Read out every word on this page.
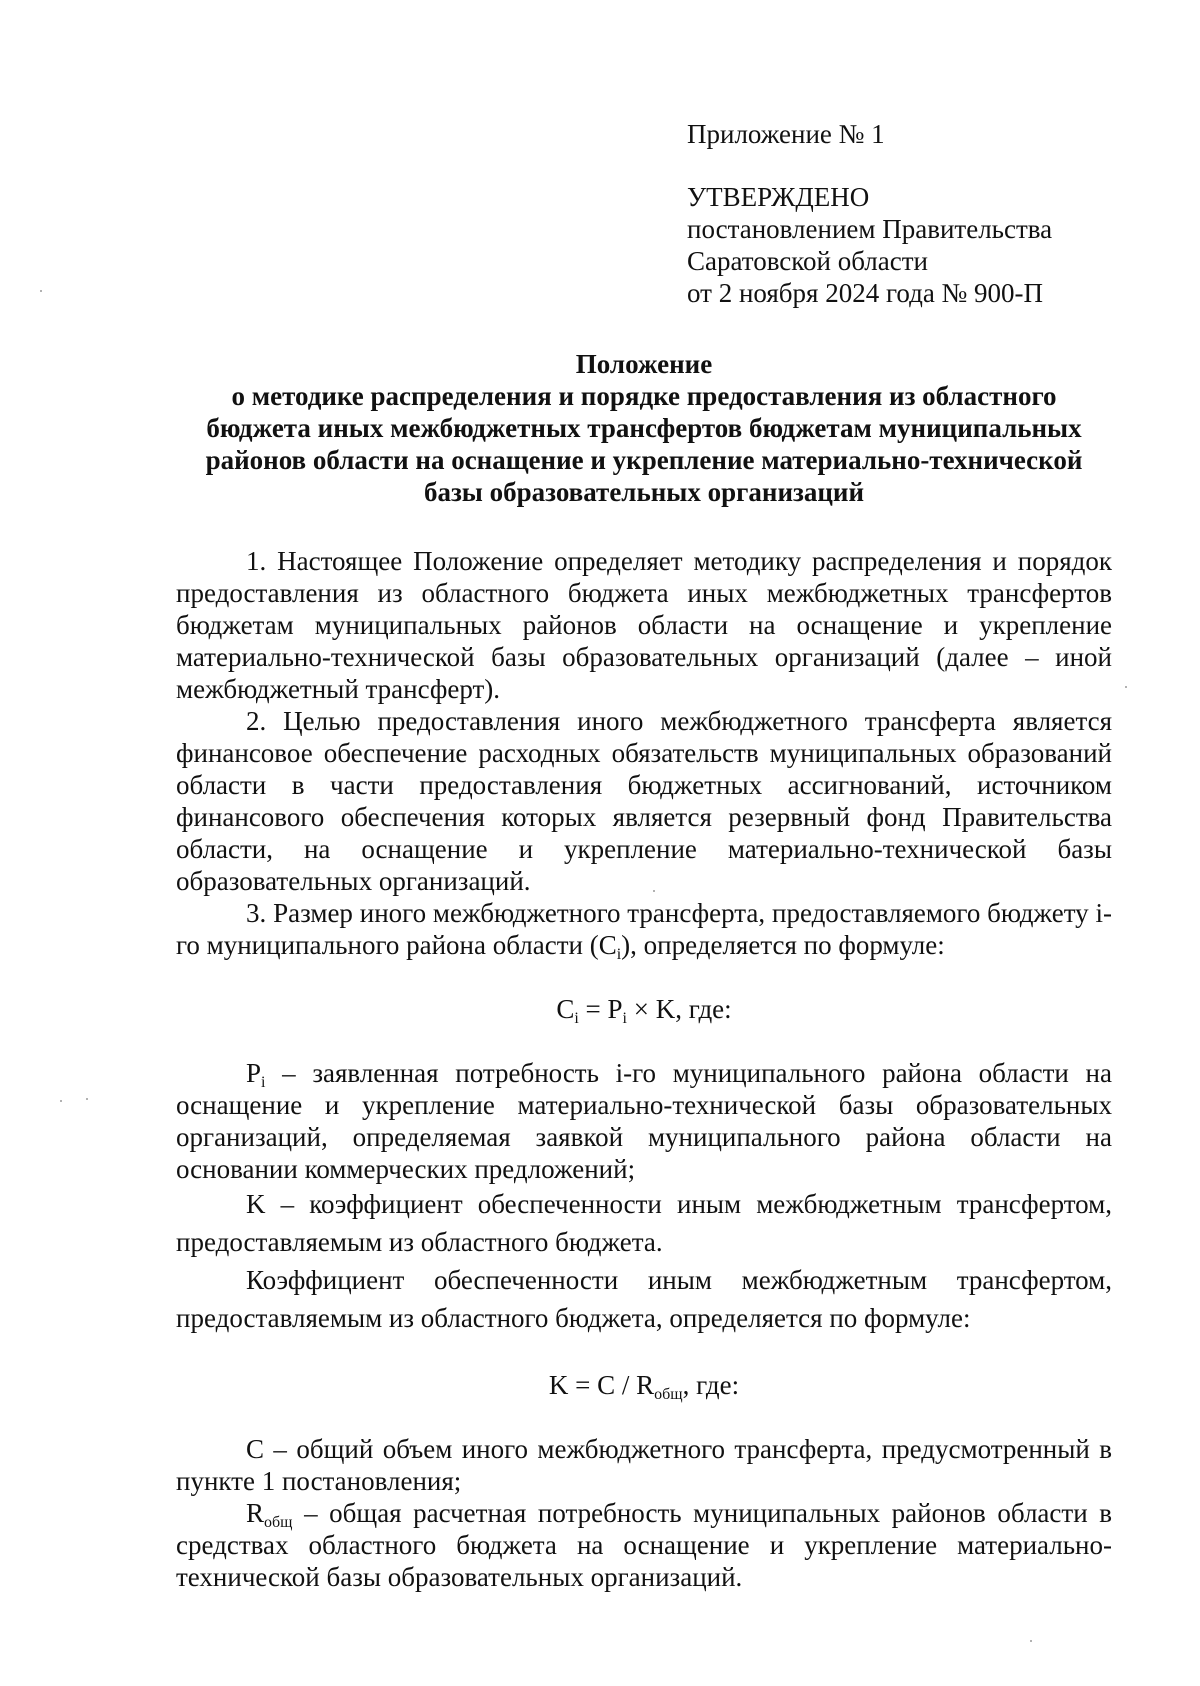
Приложение № 1
УТВЕРЖДЕНО
постановлением Правительства
Саратовской области
от 2 ноября 2024 года № 900-П
Положение
о методике распределения и порядке предоставления из областного
бюджета иных межбюджетных трансфертов бюджетам муниципальных
районов области на оснащение и укрепление материально-технической
базы образовательных организаций

1. Настоящее Положение определяет методику распределения и порядок предоставления из областного бюджета иных межбюджетных трансфертов бюджетам муниципальных районов области на оснащение и укрепление материально-технической базы образовательных организаций (далее – иной межбюджетный трансферт).

2. Целью предоставления иного межбюджетного трансферта является финансовое обеспечение расходных обязательств муниципальных образований области в части предоставления бюджетных ассигнований, источником финансового обеспечения которых является резервный фонд Правительства области, на оснащение и укрепление материально-технической базы образовательных организаций.

3. Размер иного межбюджетного трансферта, предоставляемого бюджету i-го муниципального района области $(C_i)$, определяется по формуле:

$C_i = P_i \times K$, где:

$P_i$ – заявленная потребность i-го муниципального района области на оснащение и укрепление материально-технической базы образовательных организаций, определяемая заявкой муниципального района области на основании коммерческих предложений;

K – коэффициент обеспеченности иным межбюджетным трансфертом, предоставляемым из областного бюджета.

Коэффициент обеспеченности иным межбюджетным трансфертом, предоставляемым из областного бюджета, определяется по формуле:

$K = C / R_{общ}$, где:

C – общий объем иного межбюджетного трансферта, предусмотренный в пункте 1 постановления;

$R_{общ}$ – общая расчетная потребность муниципальных районов области в средствах областного бюджета на оснащение и укрепление материально-технической базы образовательных организаций.
